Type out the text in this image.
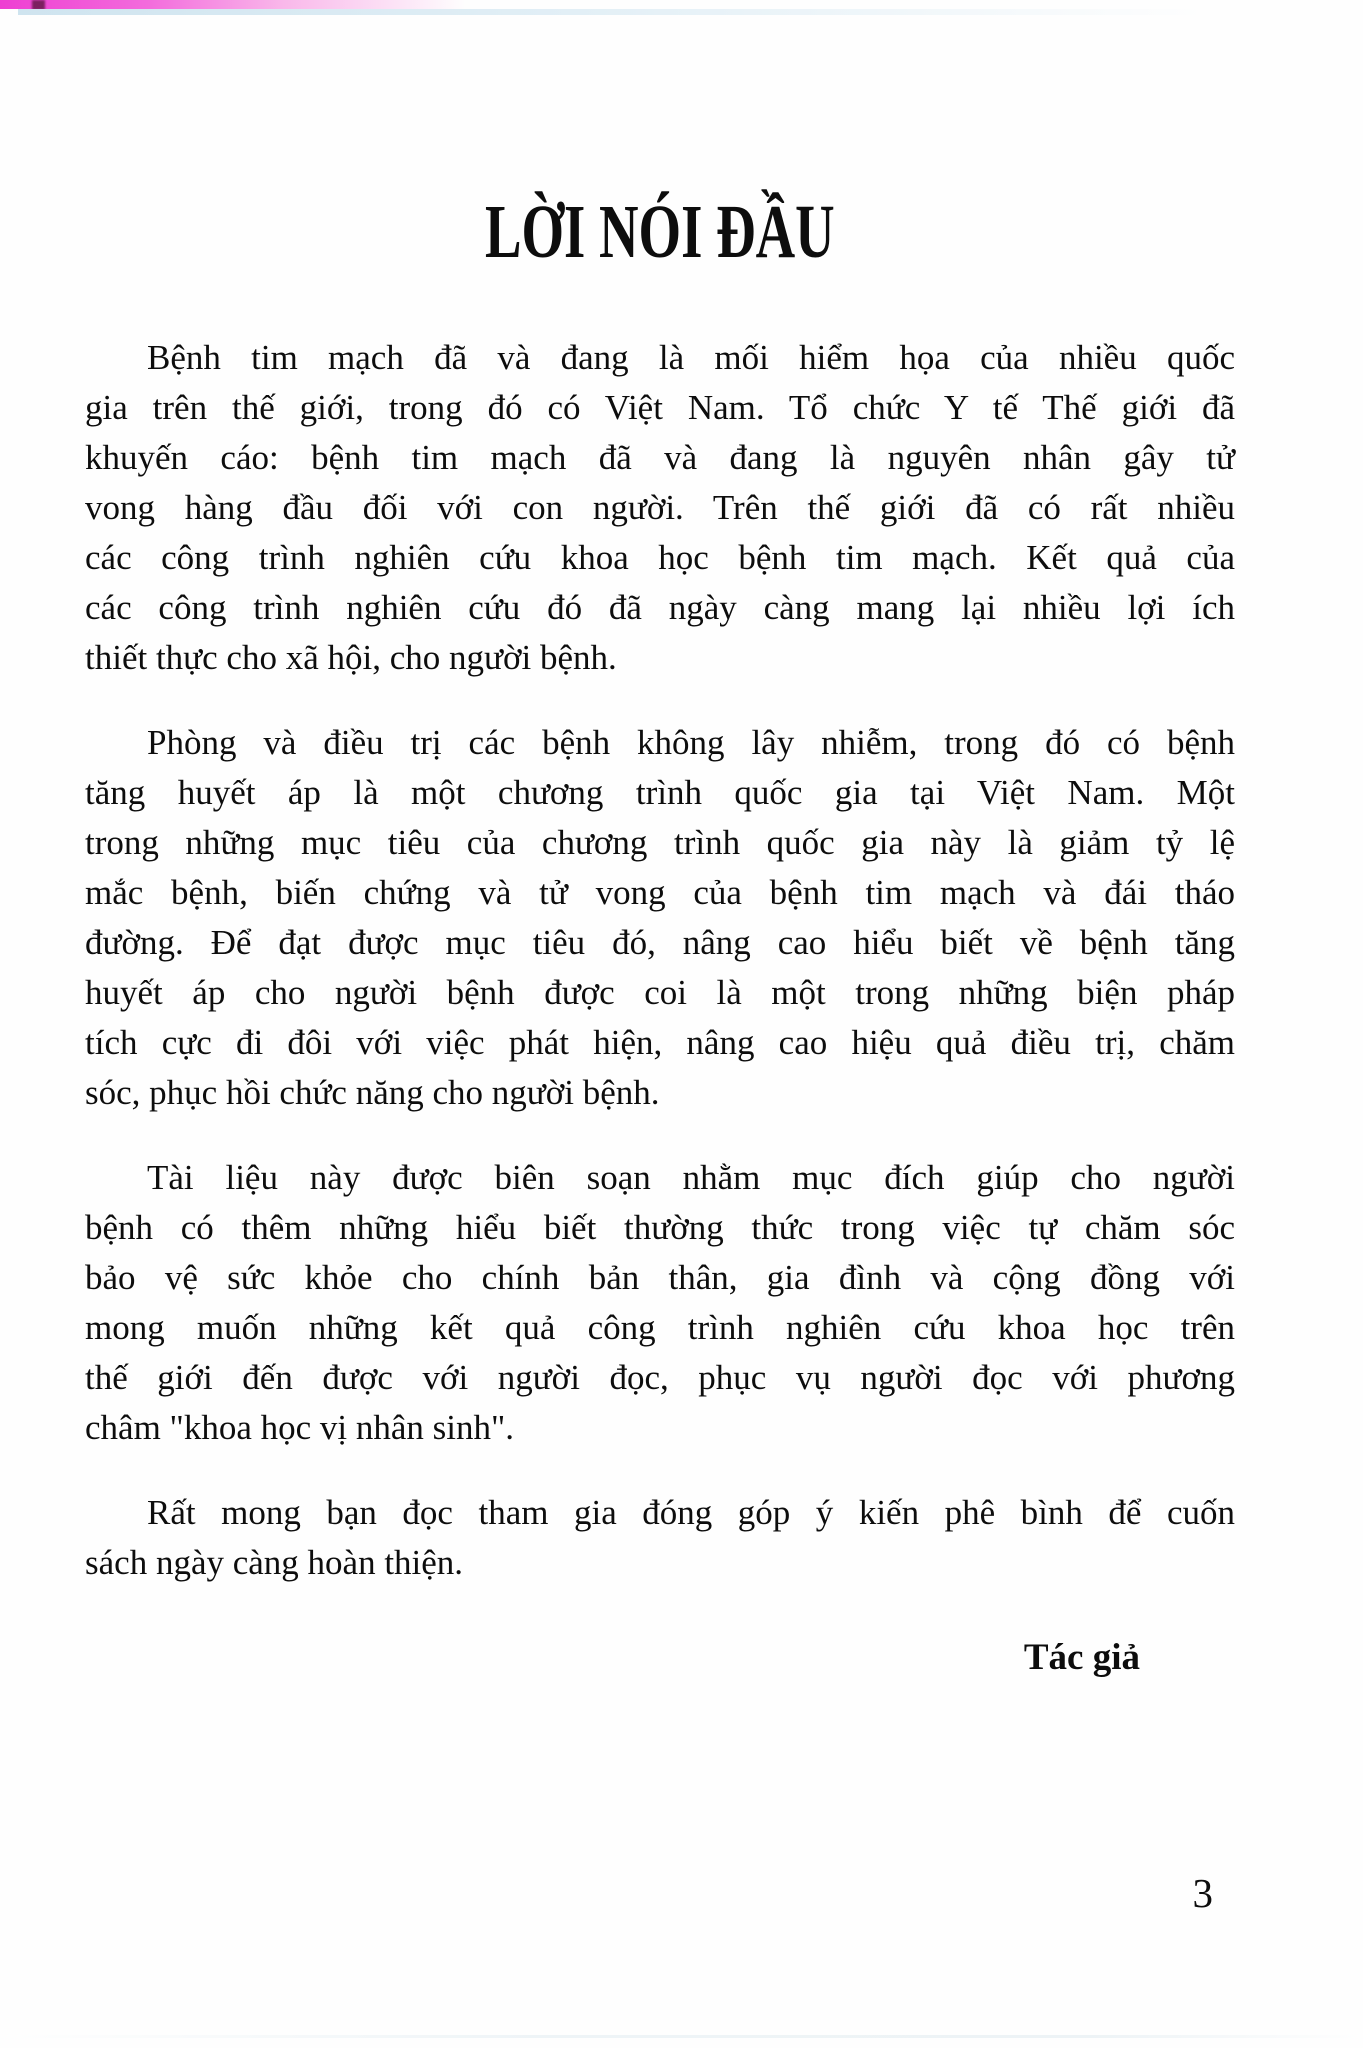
LỜI NÓI ĐẦU
Bệnh tim mạch đã và đang là mối hiểm họa của nhiều quốc
gia trên thế giới, trong đó có Việt Nam. Tổ chức Y tế Thế giới đã
khuyến cáo: bệnh tim mạch đã và đang là nguyên nhân gây tử
vong hàng đầu đối với con người. Trên thế giới đã có rất nhiều
các công trình nghiên cứu khoa học bệnh tim mạch. Kết quả của
các công trình nghiên cứu đó đã ngày càng mang lại nhiều lợi ích
thiết thực cho xã hội, cho người bệnh.
Phòng và điều trị các bệnh không lây nhiễm, trong đó có bệnh
tăng huyết áp là một chương trình quốc gia tại Việt Nam. Một
trong những mục tiêu của chương trình quốc gia này là giảm tỷ lệ
mắc bệnh, biến chứng và tử vong của bệnh tim mạch và đái tháo
đường. Để đạt được mục tiêu đó, nâng cao hiểu biết về bệnh tăng
huyết áp cho người bệnh được coi là một trong những biện pháp
tích cực đi đôi với việc phát hiện, nâng cao hiệu quả điều trị, chăm
sóc, phục hồi chức năng cho người bệnh.
Tài liệu này được biên soạn nhằm mục đích giúp cho người
bệnh có thêm những hiểu biết thường thức trong việc tự chăm sóc
bảo vệ sức khỏe cho chính bản thân, gia đình và cộng đồng với
mong muốn những kết quả công trình nghiên cứu khoa học trên
thế giới đến được với người đọc, phục vụ người đọc với phương
châm "khoa học vị nhân sinh".
Rất mong bạn đọc tham gia đóng góp ý kiến phê bình để cuốn
sách ngày càng hoàn thiện.
Tác giả
3
